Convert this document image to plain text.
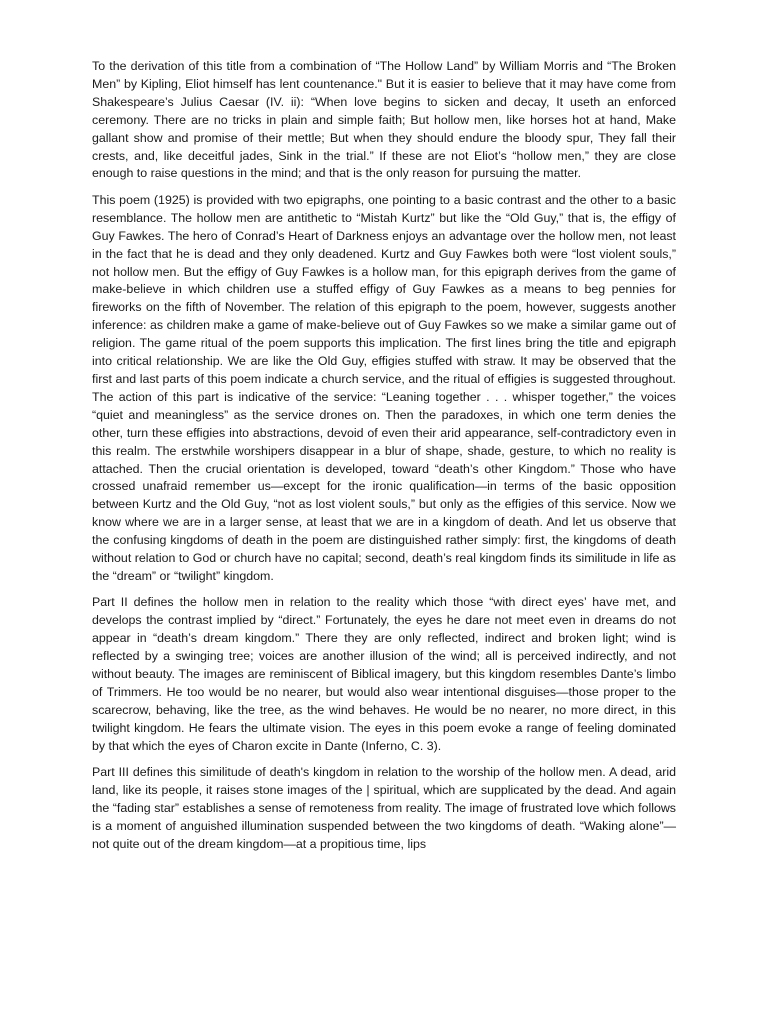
To the derivation of this title from a combination of “The Hollow Land” by William Morris and “The Broken Men” by Kipling, Eliot himself has lent countenance." But it is easier to believe that it may have come from Shakespeare’s Julius Caesar (IV. ii): “When love begins to sicken and decay, It useth an enforced ceremony. There are no tricks in plain and simple faith; But hollow men, like horses hot at hand, Make gallant show and promise of their mettle; But when they should endure the bloody spur, They fall their crests, and, like deceitful jades, Sink in the trial.” If these are not Eliot’s “hollow men,” they are close enough to raise questions in the mind; and that is the only reason for pursuing the matter.

This poem (1925) is provided with two epigraphs, one pointing to a basic contrast and the other to a basic resemblance. The hollow men are antithetic to “Mistah Kurtz” but like the “Old Guy,” that is, the effigy of Guy Fawkes. The hero of Conrad’s Heart of Darkness enjoys an advantage over the hollow men, not least in the fact that he is dead and they only deadened. Kurtz and Guy Fawkes both were “lost violent souls,” not hollow men. But the effigy of Guy Fawkes is a hollow man, for this epigraph derives from the game of make-believe in which children use a stuffed effigy of Guy Fawkes as a means to beg pennies for fireworks on the fifth of November. The relation of this epigraph to the poem, however, suggests another inference: as children make a game of make-believe out of Guy Fawkes so we make a similar game out of religion. The game ritual of the poem supports this implication. The first lines bring the title and epigraph into critical relationship. We are like the Old Guy, effigies stuffed with straw. It may be observed that the first and last parts of this poem indicate a church service, and the ritual of effigies is suggested throughout. The action of this part is indicative of the service: “Leaning together . . . whisper together,” the voices “quiet and meaningless” as the service drones on. Then the paradoxes, in which one term denies the other, turn these effigies into abstractions, devoid of even their arid appearance, self-contradictory even in this realm. The erstwhile worshipers disappear in a blur of shape, shade, gesture, to which no reality is attached. Then the crucial orientation is developed, toward “death’s other Kingdom.” Those who have crossed unafraid remember us—except for the ironic qualification—in terms of the basic opposition between Kurtz and the Old Guy, “not as lost violent souls,” but only as the effigies of this service. Now we know where we are in a larger sense, at least that we are in a kingdom of death. And let us observe that the confusing kingdoms of death in the poem are distinguished rather simply: first, the kingdoms of death without relation to God or church have no capital; second, death’s real kingdom finds its similitude in life as the “dream” or “twilight” kingdom.

Part II defines the hollow men in relation to the reality which those “with direct eyes’ have met, and develops the contrast implied by “direct.” Fortunately, the eyes he dare not meet even in dreams do not appear in “death’s dream kingdom.” There they are only reflected, indirect and broken light; wind is reflected by a swinging tree; voices are another illusion of the wind; all is perceived indirectly, and not without beauty. The images are reminiscent of Biblical imagery, but this kingdom resembles Dante’s limbo of Trimmers. He too would be no nearer, but would also wear intentional disguises—those proper to the scarecrow, behaving, like the tree, as the wind behaves. He would be no nearer, no more direct, in this twilight kingdom. He fears the ultimate vision. The eyes in this poem evoke a range of feeling dominated by that which the eyes of Charon excite in Dante (Inferno, C. 3).

Part III defines this similitude of death's kingdom in relation to the worship of the hollow men. A dead, arid land, like its people, it raises stone images of the | spiritual, which are supplicated by the dead. And again the “fading star” establishes a sense of remoteness from reality. The image of frustrated love which follows is a moment of anguished illumination suspended between the two kingdoms of death. “Waking alone”—not quite out of the dream kingdom—at a propitious time, lips
